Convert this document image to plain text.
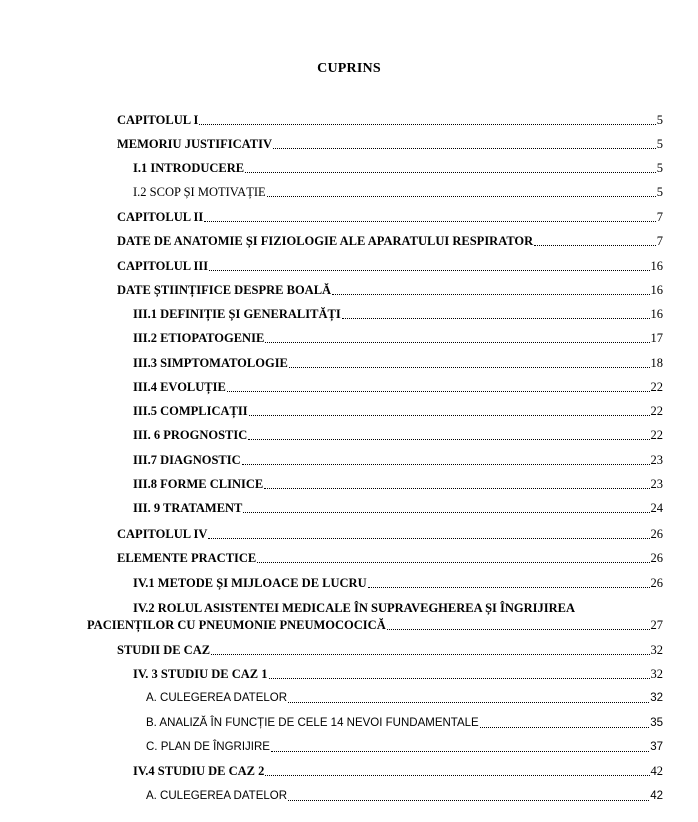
CUPRINS
CAPITOLUL I	5
MEMORIU JUSTIFICATIV	5
I.1 INTRODUCERE	5
I.2 SCOP ȘI MOTIVAȚIE	5
CAPITOLUL II	7
DATE DE ANATOMIE ȘI FIZIOLOGIE ALE APARATULUI RESPIRATOR	7
CAPITOLUL III	16
DATE ȘTIINȚIFICE DESPRE BOALĂ	16
III.1 DEFINIȚIE ȘI GENERALITĂȚI	16
III.2 ETIOPATOGENIE	17
III.3 SIMPTOMATOLOGIE	18
III.4 EVOLUȚIE	22
III.5 COMPLICAȚII	22
III. 6 PROGNOSTIC	22
III.7 DIAGNOSTIC	23
III.8 FORME CLINICE	23
III. 9 TRATAMENT	24
CAPITOLUL IV	26
ELEMENTE PRACTICE	26
IV.1 METODE ȘI MIJLOACE DE LUCRU	26
IV.2 ROLUL ASISTENTEI MEDICALE ÎN SUPRAVEGHEREA ȘI ÎNGRIJIREA
PACIENȚILOR CU PNEUMONIE PNEUMOCOCICĂ	27
STUDII DE CAZ	32
IV. 3 STUDIU DE CAZ 1	32
A. CULEGEREA DATELOR	32
B. ANALIZĂ ÎN FUNCȚIE DE CELE 14 NEVOI FUNDAMENTALE	35
C. PLAN DE ÎNGRIJIRE	37
IV.4 STUDIU DE CAZ 2	42
A. CULEGEREA DATELOR	42
